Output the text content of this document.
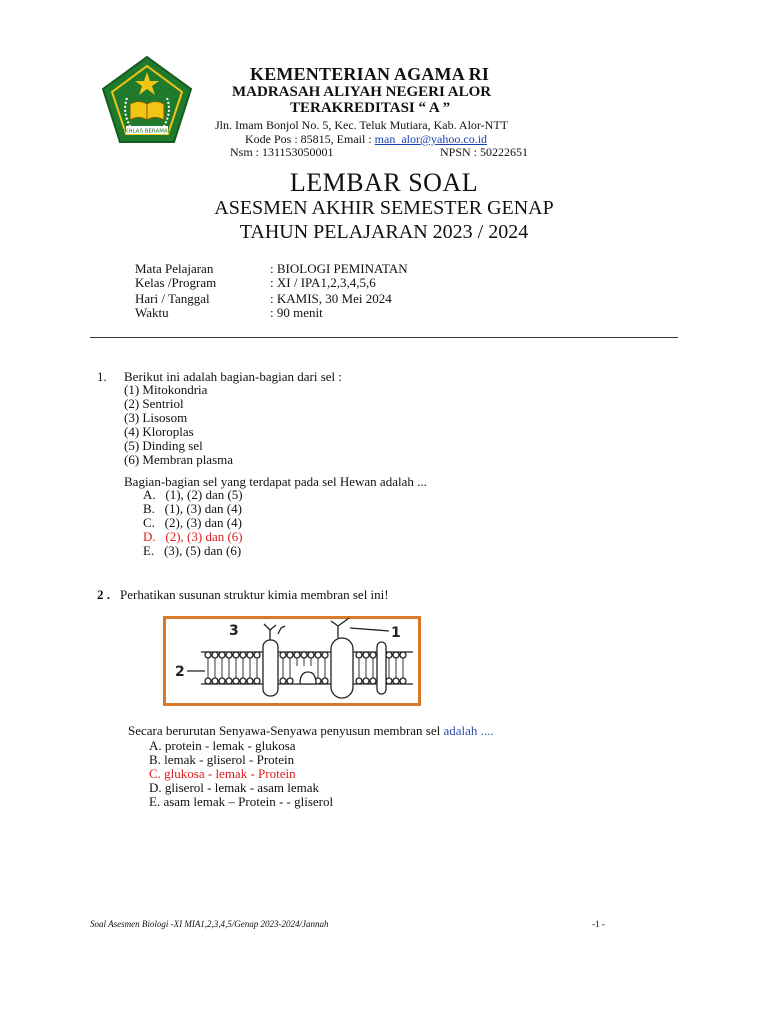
IKHLAS BERAMAL
KEMENTERIAN AGAMA RI
MADRASAH ALIYAH NEGERI ALOR
TERAKREDITASI “ A ”
Jln. Imam Bonjol No. 5, Kec. Teluk Mutiara, Kab. Alor-NTT
Kode Pos : 85815, Email : man_alor@yahoo.co.id
Nsm : 131153050001	NPSN : 50222651
LEMBAR SOAL
ASESMEN AKHIR SEMESTER GENAP
TAHUN PELAJARAN 2023 / 2024
Mata Pelajaran	: BIOLOGI PEMINATAN
Kelas /Program	: XI / IPA1,2,3,4,5,6
Hari / Tanggal	: KAMIS, 30 Mei 2024
Waktu	: 90 menit
1. Berikut ini adalah bagian-bagian dari sel :
(1) Mitokondria
(2) Sentriol
(3) Lisosom
(4) Kloroplas
(5) Dinding sel
(6) Membran plasma
Bagian-bagian sel yang terdapat pada sel Hewan adalah ...
A. (1), (2) dan (5)
B. (1), (3) dan (4)
C. (2), (3) dan (4)
D. (2), (3) dan (6)
E. (3), (5) dan (6)
2 . Perhatikan susunan struktur kimia membran sel ini!
1
2
3
Secara berurutan Senyawa-Senyawa penyusun membran sel adalah ....
A. protein - lemak - glukosa
B. lemak - gliserol - Protein
C. glukosa - lemak - Protein
D. gliserol - lemak - asam lemak
E. asam lemak – Protein - - gliserol
Soal Asesmen Biologi -XI MIA1,2,3,4,5/Genap 2023-2024/Jannah	-1 -
